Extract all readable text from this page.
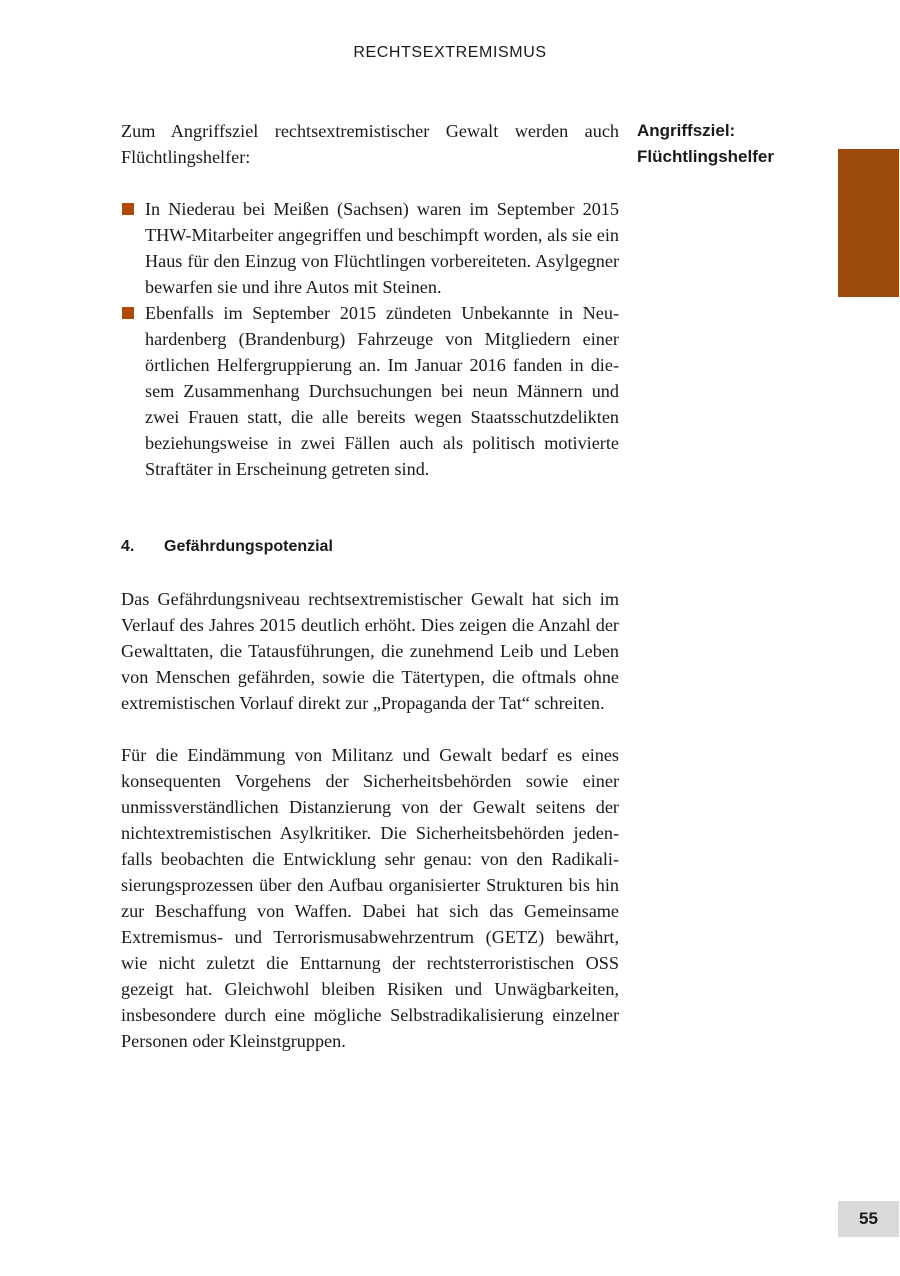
RECHTSEXTREMISMUS
Angriffsziel:
Flüchtlingshelfer

Zum Angriffsziel rechtsextremistischer Gewalt werden auch Flüchtlingshelfer:

In Niederau bei Meißen (Sachsen) waren im September 2015 THW-Mitarbeiter angegriffen und beschimpft worden, als sie ein Haus für den Einzug von Flüchtlingen vorbereiteten. Asylgegner bewarfen sie und ihre Autos mit Steinen.
Ebenfalls im September 2015 zündeten Unbekannte in Neuhardenberg (Brandenburg) Fahrzeuge von Mitgliedern einer örtlichen Helfergruppierung an. Im Januar 2016 fanden in diesem Zusammenhang Durchsuchungen bei neun Männern und zwei Frauen statt, die alle bereits wegen Staatsschutzdelikten beziehungsweise in zwei Fällen auch als politisch motivierte Straftäter in Erscheinung getreten sind.
4.	Gefährdungspotenzial

Das Gefährdungsniveau rechtsextremistischer Gewalt hat sich im Verlauf des Jahres 2015 deutlich erhöht. Dies zeigen die Anzahl der Gewalttaten, die Tatausführungen, die zunehmend Leib und Leben von Menschen gefährden, sowie die Tätertypen, die oftmals ohne extremistischen Vorlauf direkt zur „Propaganda der Tat“ schreiten.

Für die Eindämmung von Militanz und Gewalt bedarf es eines konsequenten Vorgehens der Sicherheitsbehörden sowie einer unmissverständlichen Distanzierung von der Gewalt seitens der nichtextremistischen Asylkritiker. Die Sicherheitsbehörden jedenfalls beobachten die Entwicklung sehr genau: von den Radikalisierungsprozessen über den Aufbau organisierter Strukturen bis hin zur Beschaffung von Waffen. Dabei hat sich das Gemeinsame Extremismus- und Terrorismusabwehrzentrum (GETZ) bewährt, wie nicht zuletzt die Enttarnung der rechtsterroristischen OSS gezeigt hat. Gleichwohl bleiben Risiken und Unwägbarkeiten, insbesondere durch eine mögliche Selbstradikalisierung einzelner Personen oder Kleinstgruppen.

55
